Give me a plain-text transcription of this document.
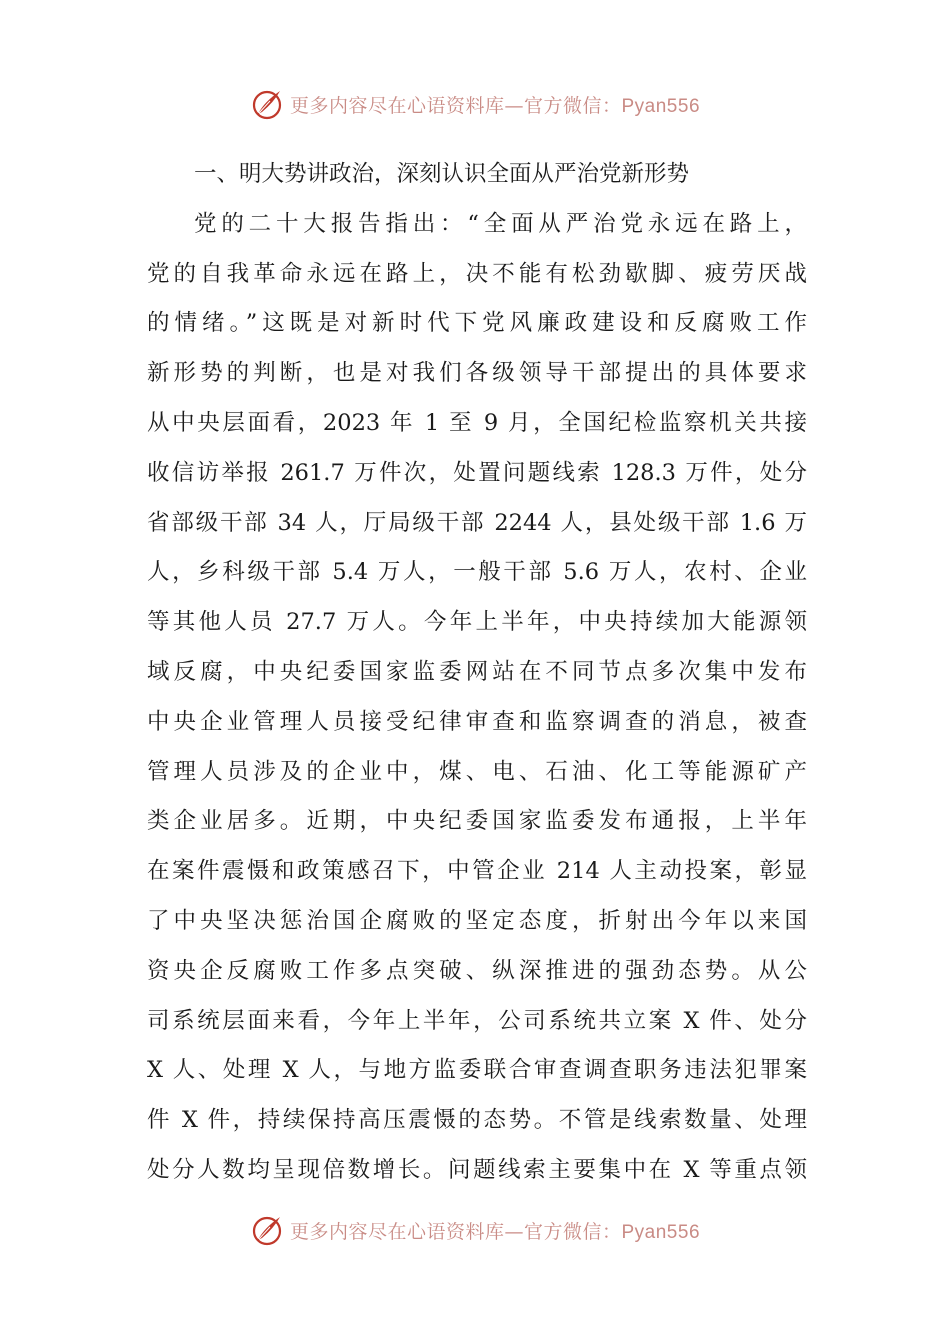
更多内容尽在心语资料库—官方微信：Pyan556
一、明大势讲政治，深刻认识全面从严治党新形势
党的二十大报告指出：“全面从严治党永远在路上，
党的自我革命永远在路上，决不能有松劲歇脚、疲劳厌战
的情绪。”这既是对新时代下党风廉政建设和反腐败工作
新形势的判断，也是对我们各级领导干部提出的具体要求
从中央层面看，2023 年 1 至 9 月，全国纪检监察机关共接
收信访举报 261.7 万件次，处置问题线索 128.3 万件，处分
省部级干部 34 人，厅局级干部 2244 人，县处级干部 1.6 万
人，乡科级干部 5.4 万人，一般干部 5.6 万人，农村、企业
等其他人员 27.7 万人。今年上半年，中央持续加大能源领
域反腐，中央纪委国家监委网站在不同节点多次集中发布
中央企业管理人员接受纪律审查和监察调查的消息，被查
管理人员涉及的企业中，煤、电、石油、化工等能源矿产
类企业居多。近期，中央纪委国家监委发布通报，上半年
在案件震慑和政策感召下，中管企业 214 人主动投案，彰显
了中央坚决惩治国企腐败的坚定态度，折射出今年以来国
资央企反腐败工作多点突破、纵深推进的强劲态势。从公
司系统层面来看，今年上半年，公司系统共立案 X 件、处分
X 人、处理 X 人，与地方监委联合审查调查职务违法犯罪案
件 X 件，持续保持高压震慑的态势。不管是线索数量、处理
处分人数均呈现倍数增长。问题线索主要集中在 X 等重点领
更多内容尽在心语资料库—官方微信：Pyan556
